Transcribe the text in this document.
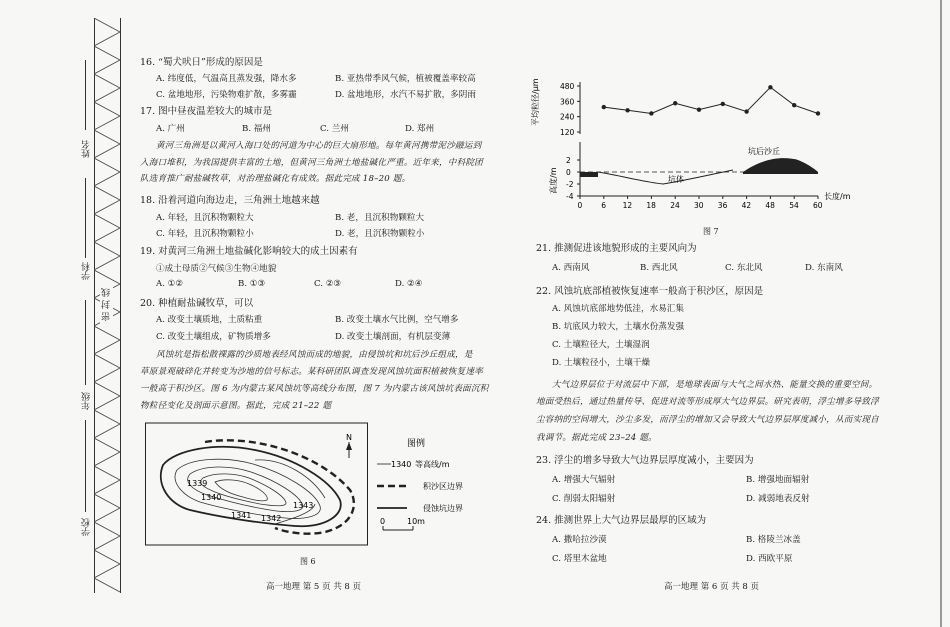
姓名
学科
密 封 线
年级
学校
16. “蜀犬吠日”形成的原因是
A. 纬度低，气温高且蒸发强，降水多	B. 亚热带季风气候，植被覆盖率较高
C. 盆地地形，污染物难扩散，多雾霾	D. 盆地地形，水汽不易扩散，多阴雨
17. 图中昼夜温差较大的城市是
A. 广州	B. 福州	C. 兰州	D. 郑州
黄河三角洲是以黄河入海口处的河道为中心的巨大扇形地。每年黄河携带泥沙融运到
入海口堆积，为我国提供丰富的土地，但黄河三角洲土地盐碱化严重。近年来，中科院团
队选育推广耐盐碱牧草，对治理盐碱化有成效。据此完成 18–20 题。
18. 沿着河道向海边走，三角洲土地越来越
A. 年轻，且沉积物颗粒大	B. 老，且沉积物颗粒大
C. 年轻，且沉积物颗粒小	D. 老，且沉积物颗粒小
19. 对黄河三角洲土地盐碱化影响较大的成土因素有
①成土母质②气候③生物④地貌
A. ①②	B. ①③	C. ②③	D. ②④
20. 种植耐盐碱牧草，可以
A. 改变土壤质地，土质粘重	B. 改变土壤水气比例，空气增多
C. 改变土壤组成，矿物质增多	D. 改变土壤剖面，有机层变薄
风蚀坑是指松散裸露的沙质地表经风蚀而成的地貌，由侵蚀坑和坑后沙丘组成，是
草原景观破碎化并转变为沙地的信号标志。某科研团队调查发现风蚀坑面积植被恢复速率
一般高于积沙区。图 6 为内蒙古某风蚀坑等高线分布图，图 7 为内蒙古该风蚀坑表面沉积
物粒径变化及剖面示意图。据此，完成 21–22 题
1339
1340
1341 1342
1343
N
图例
1340 等高线/m
积沙区边界
侵蚀坑边界
0	10m
图 6
高一地理 第 5 页 共 8 页
480
360
240
120
平均粒径/μm
2
0
-2
-4
高度/m	坑体
坑后沙丘
0	6 12 18 24 30 36 42 48 54 60
长度/m
图 7
21. 推测促进该地貌形成的主要风向为
A. 西南风	B. 西北风	C. 东北风	D. 东南风
22. 风蚀坑底部植被恢复速率一般高于积沙区，原因是
A. 风蚀坑底部地势低洼，水易汇集
B. 坑底风力较大，土壤水份蒸发强
C. 土壤粒径大，土壤湿润
D. 土壤粒径小，土壤干燥
大气边界层位于对流层中下部，是地球表面与大气之间水热、能量交换的重要空间。
地面受热后，通过热量传导、促进对流等形成厚大气边界层。研究表明，浮尘增多导致浮
尘容纳的空间增大，沙尘多发，而浮尘的增加又会导致大气边界层厚度减小，从而实现自
我调节。据此完成 23–24 题。
23. 浮尘的增多导致大气边界层厚度减小，主要因为
A. 增强大气辐射	B. 增强地面辐射
C. 削弱太阳辐射	D. 减弱地表反射
24. 推测世界上大气边界层最厚的区域为
A. 撒哈拉沙漠	B. 格陵兰冰盖
C. 塔里木盆地	D. 西欧平原
高一地理 第 6 页 共 8 页
